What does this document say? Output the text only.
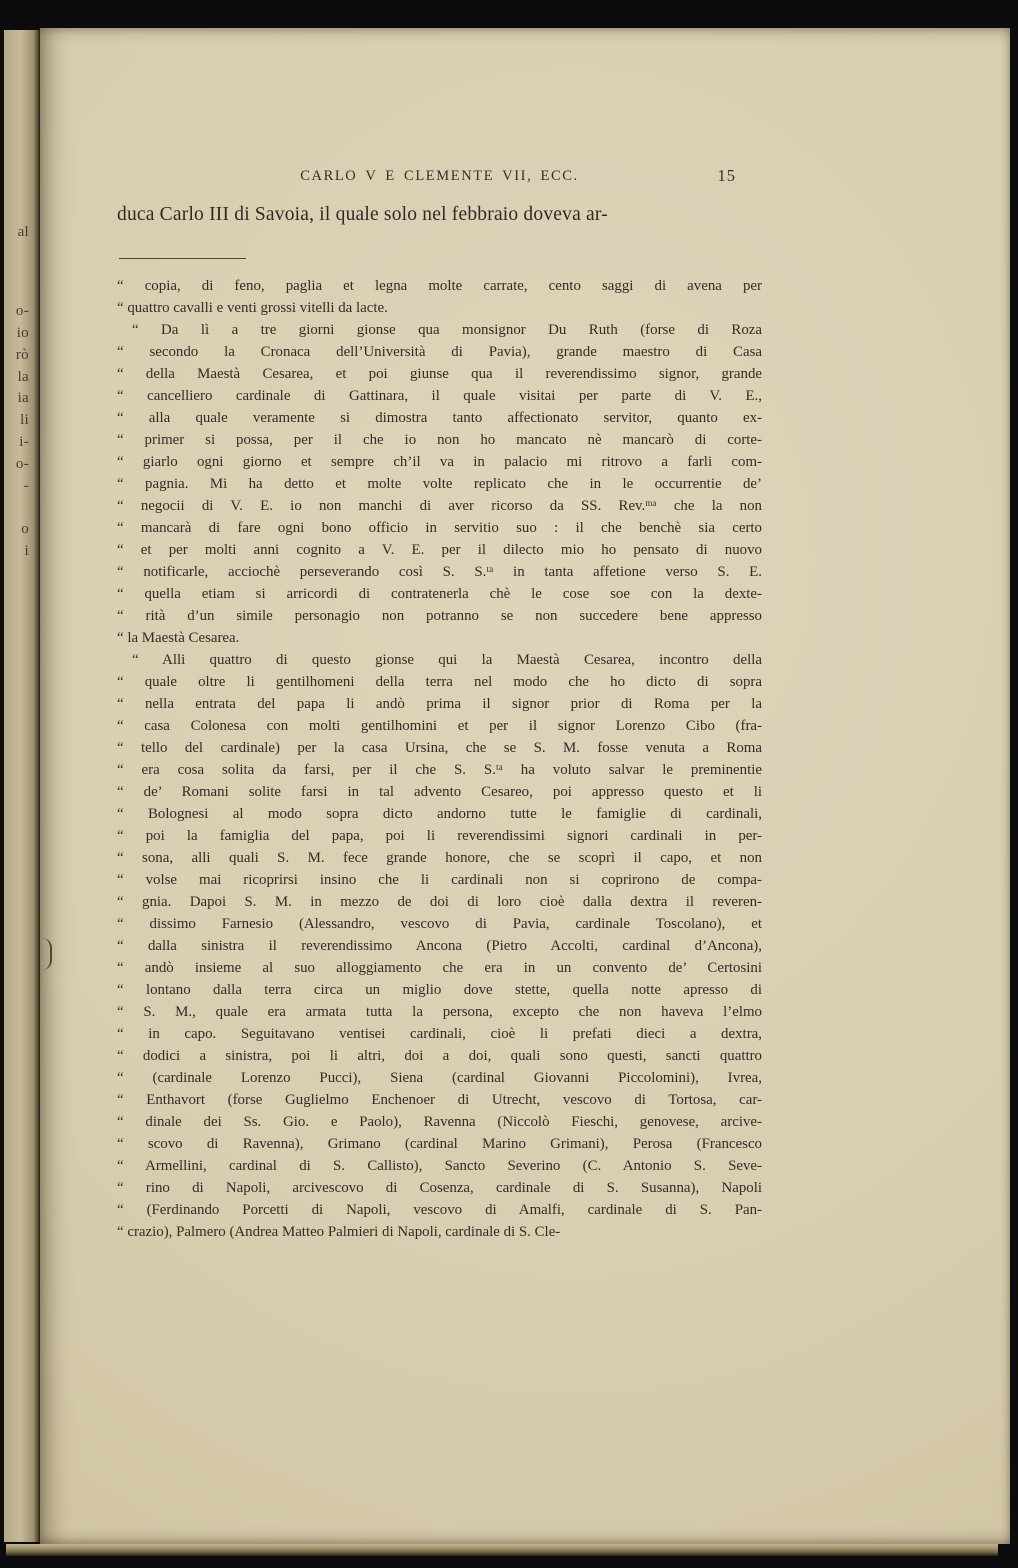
al
o-
io
rò
la
ia
li
i-
o-
-
o
i
CARLO V E CLEMENTE VII, ECC.	15
duca Carlo III di Savoia, il quale solo nel febbraio doveva ar-
“ copia, di feno, paglia et legna molte carrate, cento saggi di avena per
“ quattro cavalli e venti grossi vitelli da lacte.
“ Da lì a tre giorni gionse qua monsignor Du Ruth (forse di Roza
“ secondo la Cronaca dell’Università di Pavia), grande maestro di Casa
“ della Maestà Cesarea, et poi giunse qua il reverendissimo signor, grande
“ cancelliero cardinale di Gattinara, il quale visitai per parte di V. E.,
“ alla quale veramente si dimostra tanto affectionato servitor, quanto ex-
“ primer si possa, per il che io non ho mancato nè mancarò di corte-
“ giarlo ogni giorno et sempre ch’il va in palacio mi ritrovo a farli com-
“ pagnia. Mi ha detto et molte volte replicato che in le occurrentie de’
“ negocii di V. E. io non manchi di aver ricorso da SS. Rev.ᵐᵃ che la non
“ mancarà di fare ogni bono officio in servitio suo : il che benchè sia certo
“ et per molti anni cognito a V. E. per il dilecto mio ho pensato di nuovo
“ notificarle, acciochè perseverando così S. S.ᵗᵃ in tanta affetione verso S. E.
“ quella etiam si arricordi di contratenerla chè le cose soe con la dexte-
“ rità d’un simile personagio non potranno se non succedere bene appresso
“ la Maestà Cesarea.
“ Alli quattro di questo gionse qui la Maestà Cesarea, incontro della
“ quale oltre li gentilhomeni della terra nel modo che ho dicto di sopra
“ nella entrata del papa li andò prima il signor prior di Roma per la
“ casa Colonesa con molti gentilhomini et per il signor Lorenzo Cibo (fra-
“ tello del cardinale) per la casa Ursina, che se S. M. fosse venuta a Roma
“ era cosa solita da farsi, per il che S. S.ᵗᵃ ha voluto salvar le preminentie
“ de’ Romani solite farsi in tal advento Cesareo, poi appresso questo et li
“ Bolognesi al modo sopra dicto andorno tutte le famiglie di cardinali,
“ poi la famiglia del papa, poi li reverendissimi signori cardinali in per-
“ sona, alli quali S. M. fece grande honore, che se scoprì il capo, et non
“ volse mai ricoprirsi insino che li cardinali non si coprirono de compa-
“ gnia. Dapoi S. M. in mezzo de doi di loro cioè dalla dextra il reveren-
“ dissimo Farnesio (Alessandro, vescovo di Pavia, cardinale Toscolano), et
“ dalla sinistra il reverendissimo Ancona (Pietro Accolti, cardinal d’Ancona),
“ andò insieme al suo alloggiamento che era in un convento de’ Certosini
“ lontano dalla terra circa un miglio dove stette, quella notte apresso di
“ S. M., quale era armata tutta la persona, excepto che non haveva l’elmo
“ in capo. Seguitavano ventisei cardinali, cioè li prefati dieci a dextra,
“ dodici a sinistra, poi li altri, doi a doi, quali sono questi, sancti quattro
“ (cardinale Lorenzo Pucci), Siena (cardinal Giovanni Piccolomini), Ivrea,
“ Enthavort (forse Guglielmo Enchenoer di Utrecht, vescovo di Tortosa, car-
“ dinale dei Ss. Gio. e Paolo), Ravenna (Niccolò Fieschi, genovese, arcive-
“ scovo di Ravenna), Grimano (cardinal Marino Grimani), Perosa (Francesco
“ Armellini, cardinal di S. Callisto), Sancto Severino (C. Antonio S. Seve-
“ rino di Napoli, arcivescovo di Cosenza, cardinale di S. Susanna), Napoli
“ (Ferdinando Porcetti di Napoli, vescovo di Amalfi, cardinale di S. Pan-
“ crazio), Palmero (Andrea Matteo Palmieri di Napoli, cardinale di S. Cle-
